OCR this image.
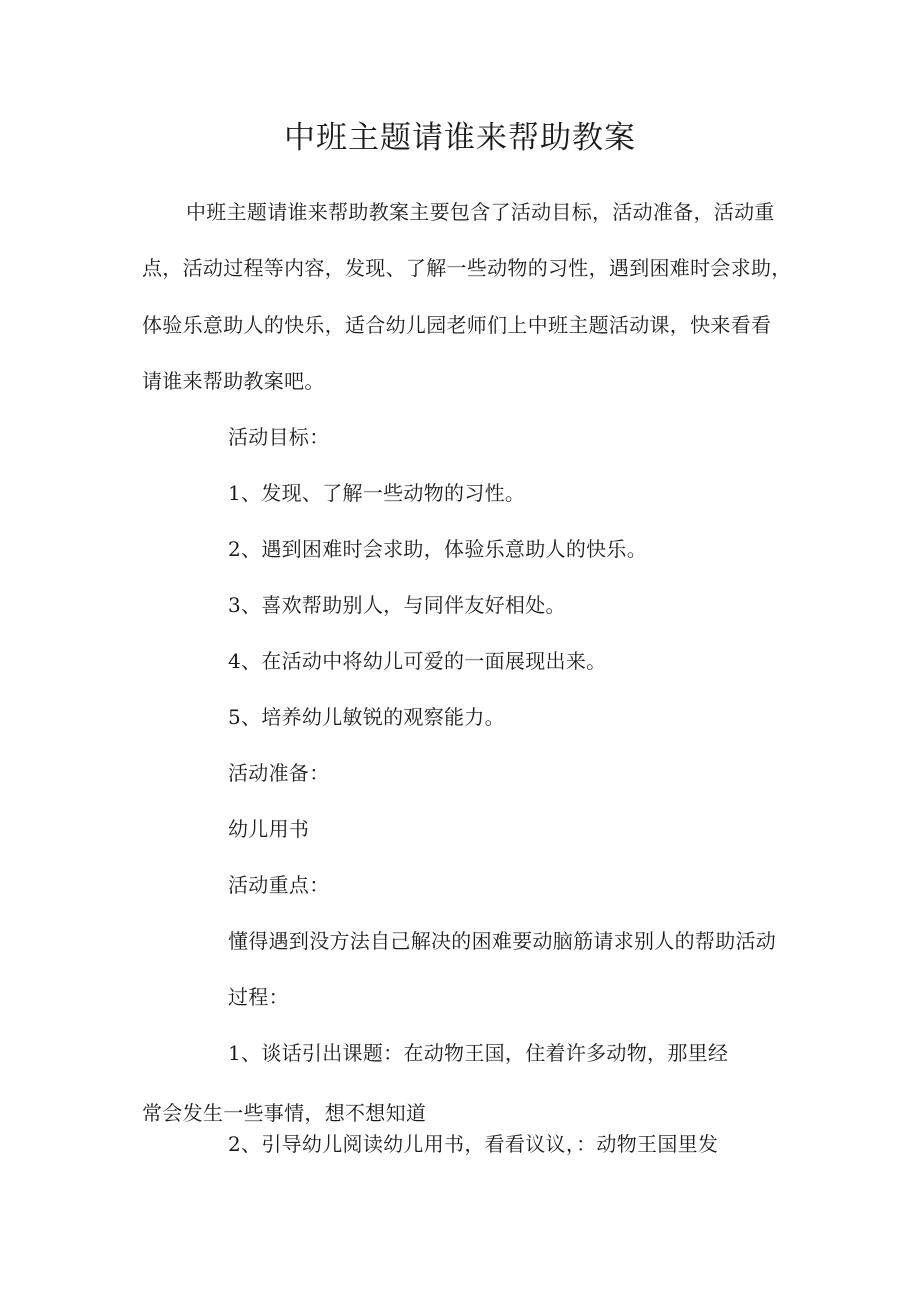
中班主题请谁来帮助教案
中班主题请谁来帮助教案主要包含了活动目标，活动准备，活动重
点，活动过程等内容，发现、了解一些动物的习性，遇到困难时会求助，
体验乐意助人的快乐，适合幼儿园老师们上中班主题活动课，快来看看
请谁来帮助教案吧。
活动目标：
1、发现、了解一些动物的习性。
2、遇到困难时会求助，体验乐意助人的快乐。
3、喜欢帮助别人，与同伴友好相处。
4、在活动中将幼儿可爱的一面展现出来。
5、培养幼儿敏锐的观察能力。
活动准备：
幼儿用书
活动重点：
懂得遇到没方法自己解决的困难要动脑筋请求别人的帮助活动
过程：
1、谈话引出课题：在动物王国，住着许多动物，那里经
常会发生一些事情，想不想知道
2、引导幼儿阅读幼儿用书，看看议议，：动物王国里发
